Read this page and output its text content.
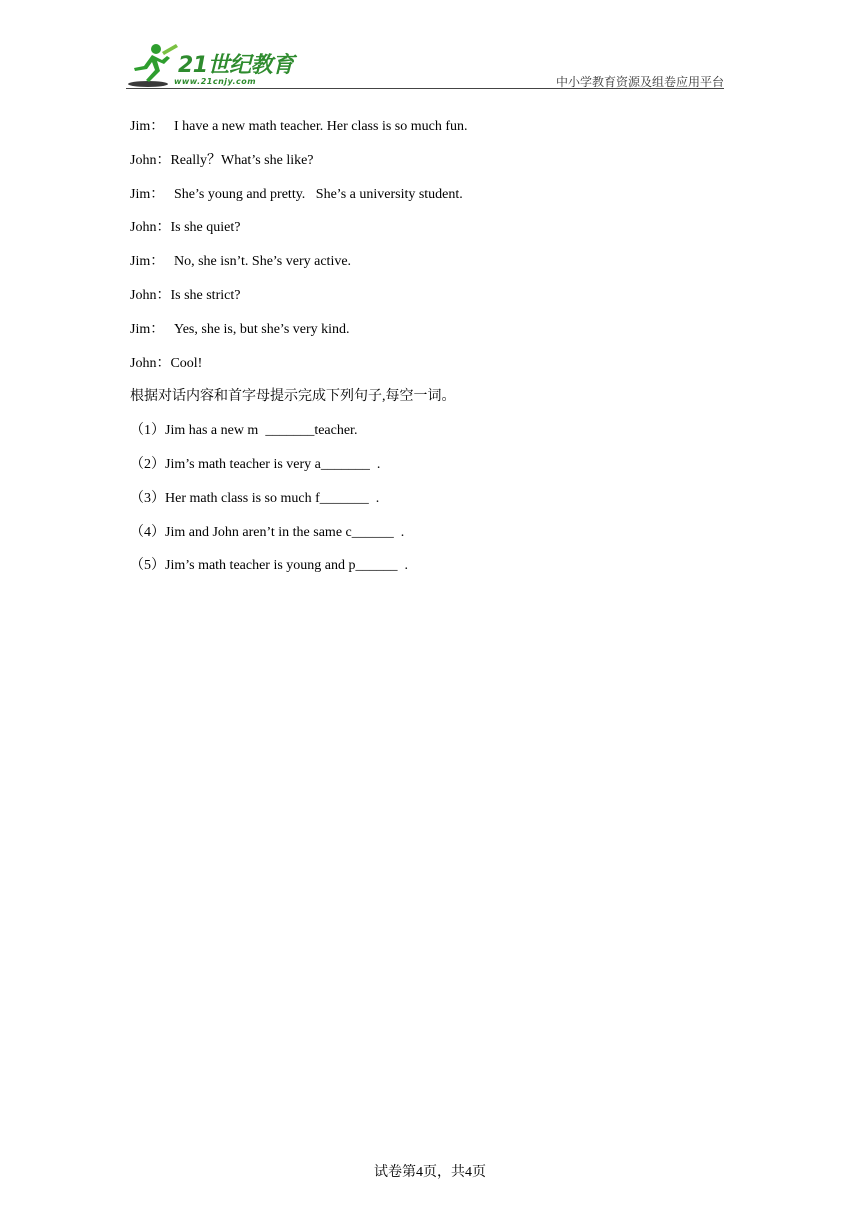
21世纪教育
www.21cnjy.com	中小学教育资源及组卷应用平台
Jim： I have a new math teacher. Her class is so much fun.
John：Really？What’s she like?
Jim： She’s young and pretty.   She’s a university student.
John：Is she quiet?
Jim： No, she isn’t. She’s very active.
John：Is she strict?
Jim： Yes, she is, but she’s very kind.
John：Cool!
根据对话内容和首字母提示完成下列句子,每空一词。
（1）Jim has a new m  _______teacher.
（2）Jim’s math teacher is very a_______  .
（3）Her math class is so much f_______  .
（4）Jim and John aren’t in the same c______  .
（5）Jim’s math teacher is young and p______  .
试卷第4页，共4页
